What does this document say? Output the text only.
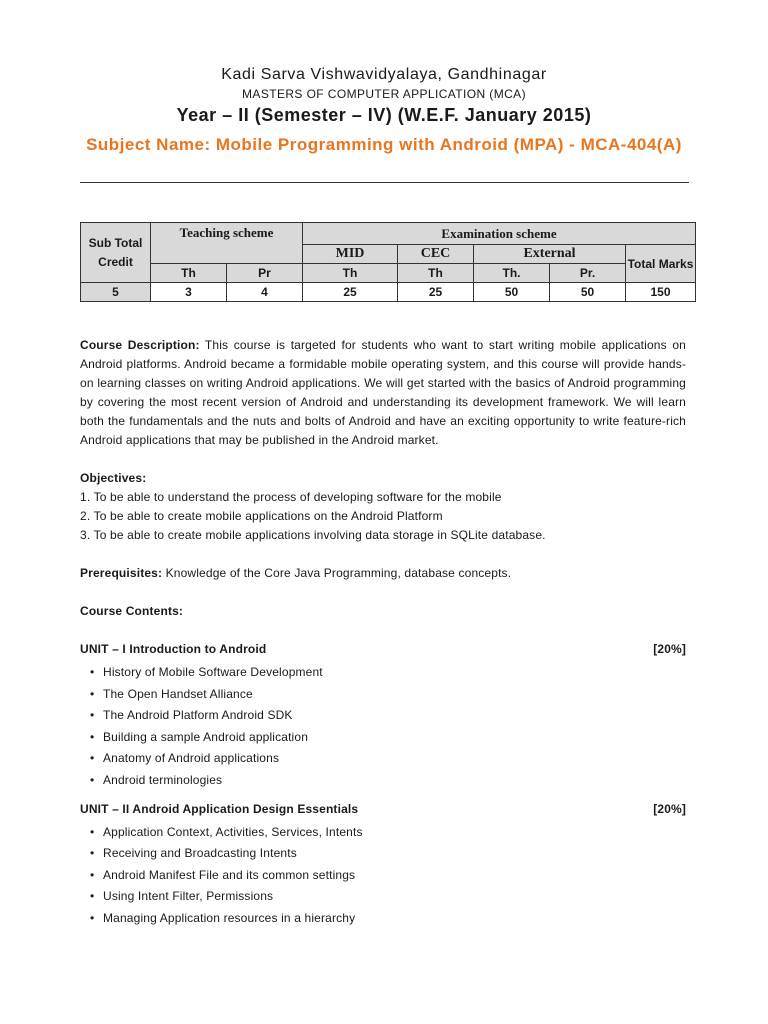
Kadi Sarva Vishwavidyalaya, Gandhinagar
MASTERS OF COMPUTER APPLICATION (MCA)
Year – II (Semester – IV) (W.E.F. January 2015)
Subject Name: Mobile Programming with Android (MPA) - MCA-404(A)
Sub Total Credit	Teaching scheme		Examination scheme				
			MID	CEC	External		Total Marks
	Th	Pr	Th	Th	Th.	Pr.	
5	3	4	25	25	50	50	150

Course Description: This course is targeted for students who want to start writing mobile applications on Android platforms. Android became a formidable mobile operating system, and this course will provide hands-on learning classes on writing Android applications. We will get started with the basics of Android programming by covering the most recent version of Android and understanding its development framework. We will learn both the fundamentals and the nuts and bolts of Android and have an exciting opportunity to write feature-rich Android applications that may be published in the Android market.

Objectives:
1. To be able to understand the process of developing software for the mobile
2. To be able to create mobile applications on the Android Platform
3. To be able to create mobile applications involving data storage in SQLite database.
Prerequisites: Knowledge of the Core Java Programming, database concepts.
Course Contents:
UNIT – I Introduction to Android	[20%]
• History of Mobile Software Development
• The Open Handset Alliance
• The Android Platform Android SDK
• Building a sample Android application
• Anatomy of Android applications
• Android terminologies
UNIT – II Android Application Design Essentials	[20%]
• Application Context, Activities, Services, Intents
• Receiving and Broadcasting Intents
• Android Manifest File and its common settings
• Using Intent Filter, Permissions
• Managing Application resources in a hierarchy
